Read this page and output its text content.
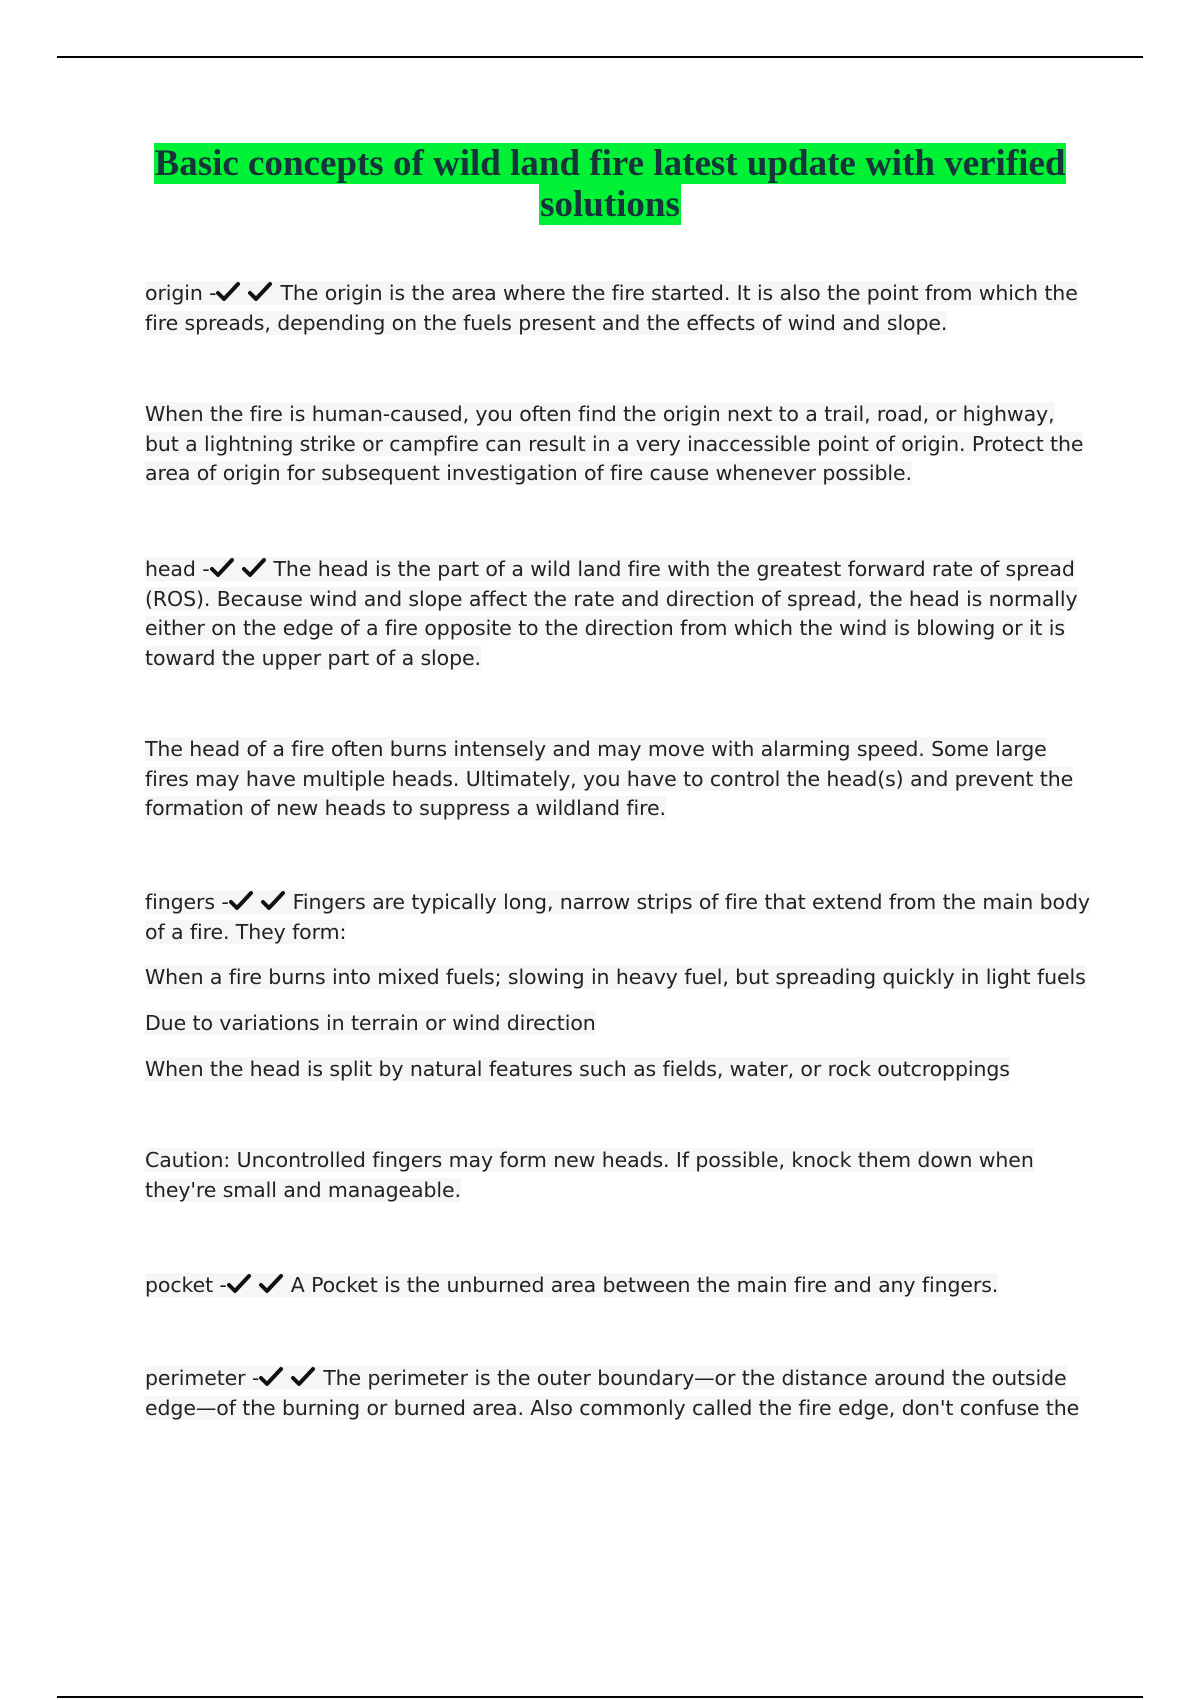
Basic concepts of wild land fire latest update with verified solutions

origin -	The origin is the area where the fire started. It is also the point from which the fire spreads, depending on the fuels present and the effects of wind and slope.

When the fire is human-caused, you often find the origin next to a trail, road, or highway, but a lightning strike or campfire can result in a very inaccessible point of origin. Protect the area of origin for subsequent investigation of fire cause whenever possible.

head -	The head is the part of a wild land fire with the greatest forward rate of spread (ROS). Because wind and slope affect the rate and direction of spread, the head is normally either on the edge of a fire opposite to the direction from which the wind is blowing or it is toward the upper part of a slope.

The head of a fire often burns intensely and may move with alarming speed. Some large fires may have multiple heads. Ultimately, you have to control the head(s) and prevent the formation of new heads to suppress a wildland fire.

fingers -	Fingers are typically long, narrow strips of fire that extend from the main body of a fire. They form:

When a fire burns into mixed fuels; slowing in heavy fuel, but spreading quickly in light fuels

Due to variations in terrain or wind direction

When the head is split by natural features such as fields, water, or rock outcroppings

Caution: Uncontrolled fingers may form new heads. If possible, knock them down when they're small and manageable.

pocket -	A Pocket is the unburned area between the main fire and any fingers.

perimeter -	The perimeter is the outer boundary—or the distance around the outside edge—of the burning or burned area. Also commonly called the fire edge, don't confuse the
